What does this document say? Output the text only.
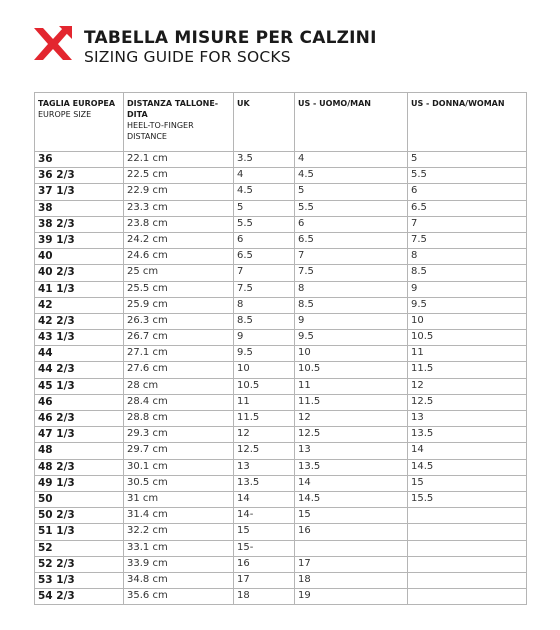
TABELLA MISURE PER CALZINI
SIZING GUIDE FOR SOCKS
TAGLIA EUROPEA
EUROPE SIZE	DISTANZA TALLONE-DITA
HEEL-TO-FINGER DISTANCE	UK	US - UOMO/MAN	US - DONNA/WOMAN

36	22.1 cm	3.5	4	5
36 2/3	22.5 cm	4	4.5	5.5
37 1/3	22.9 cm	4.5	5	6
38	23.3 cm	5	5.5	6.5
38 2/3	23.8 cm	5.5	6	7
39 1/3	24.2 cm	6	6.5	7.5
40	24.6 cm	6.5	7	8
40 2/3	25 cm	7	7.5	8.5
41 1/3	25.5 cm	7.5	8	9
42	25.9 cm	8	8.5	9.5
42 2/3	26.3 cm	8.5	9	10
43 1/3	26.7 cm	9	9.5	10.5
44	27.1 cm	9.5	10	11
44 2/3	27.6 cm	10	10.5	11.5
45 1/3	28 cm	10.5	11	12
46	28.4 cm	11	11.5	12.5
46 2/3	28.8 cm	11.5	12	13
47 1/3	29.3 cm	12	12.5	13.5
48	29.7 cm	12.5	13	14
48 2/3	30.1 cm	13	13.5	14.5
49 1/3	30.5 cm	13.5	14	15
50	31 cm	14	14.5	15.5
50 2/3	31.4 cm	14-	15	
51 1/3	32.2 cm	15	16	
52	33.1 cm	15-		
52 2/3	33.9 cm	16	17	
53 1/3	34.8 cm	17	18	
54 2/3	35.6 cm	18	19	
